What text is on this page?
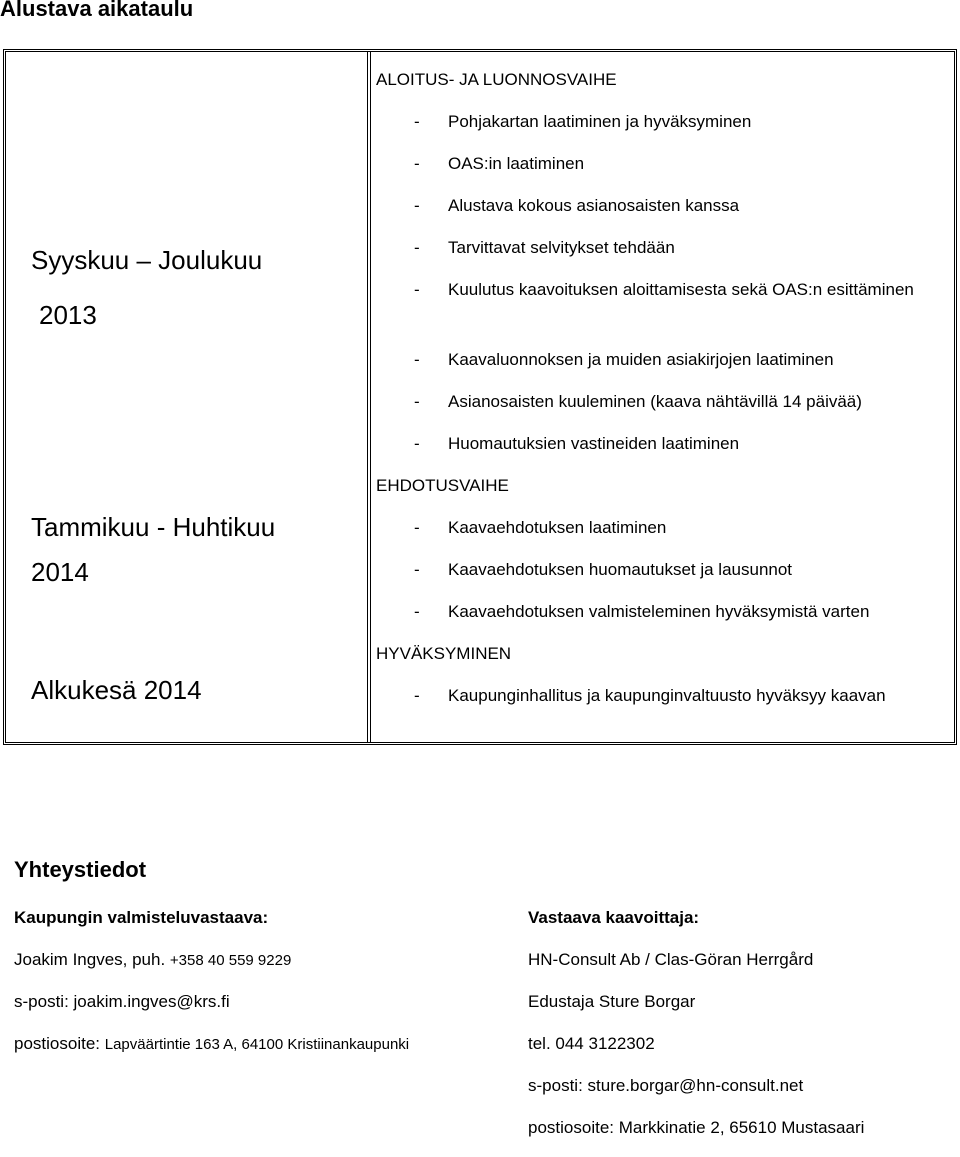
Alustava aikataulu
Syyskuu – Joulukuu
2013
Tammikuu - Huhtikuu
2014
Alkukesä 2014
ALOITUS- JA LUONNOSVAIHE
- Pohjakartan laatiminen ja hyväksyminen
- OAS:in laatiminen
- Alustava kokous asianosaisten kanssa
- Tarvittavat selvitykset tehdään
- Kuulutus kaavoituksen aloittamisesta sekä OAS:n esittäminen
- Kaavaluonnoksen ja muiden asiakirjojen laatiminen
- Asianosaisten kuuleminen (kaava nähtävillä 14 päivää)
- Huomautuksien vastineiden laatiminen
EHDOTUSVAIHE
- Kaavaehdotuksen laatiminen
- Kaavaehdotuksen huomautukset ja lausunnot
- Kaavaehdotuksen valmisteleminen hyväksymistä varten
HYVÄKSYMINEN
- Kaupunginhallitus ja kaupunginvaltuusto hyväksyy kaavan
Yhteystiedot
Kaupungin valmisteluvastaava:
Joakim Ingves, puh. +358 40 559 9229
s-posti: joakim.ingves@krs.fi
postiosoite: Lapväärtintie 163 A, 64100 Kristiinankaupunki
Vastaava kaavoittaja:
HN-Consult Ab / Clas-Göran Herrgård
Edustaja Sture Borgar
tel. 044 3122302
s-posti: sture.borgar@hn-consult.net
postiosoite: Markkinatie 2, 65610 Mustasaari
